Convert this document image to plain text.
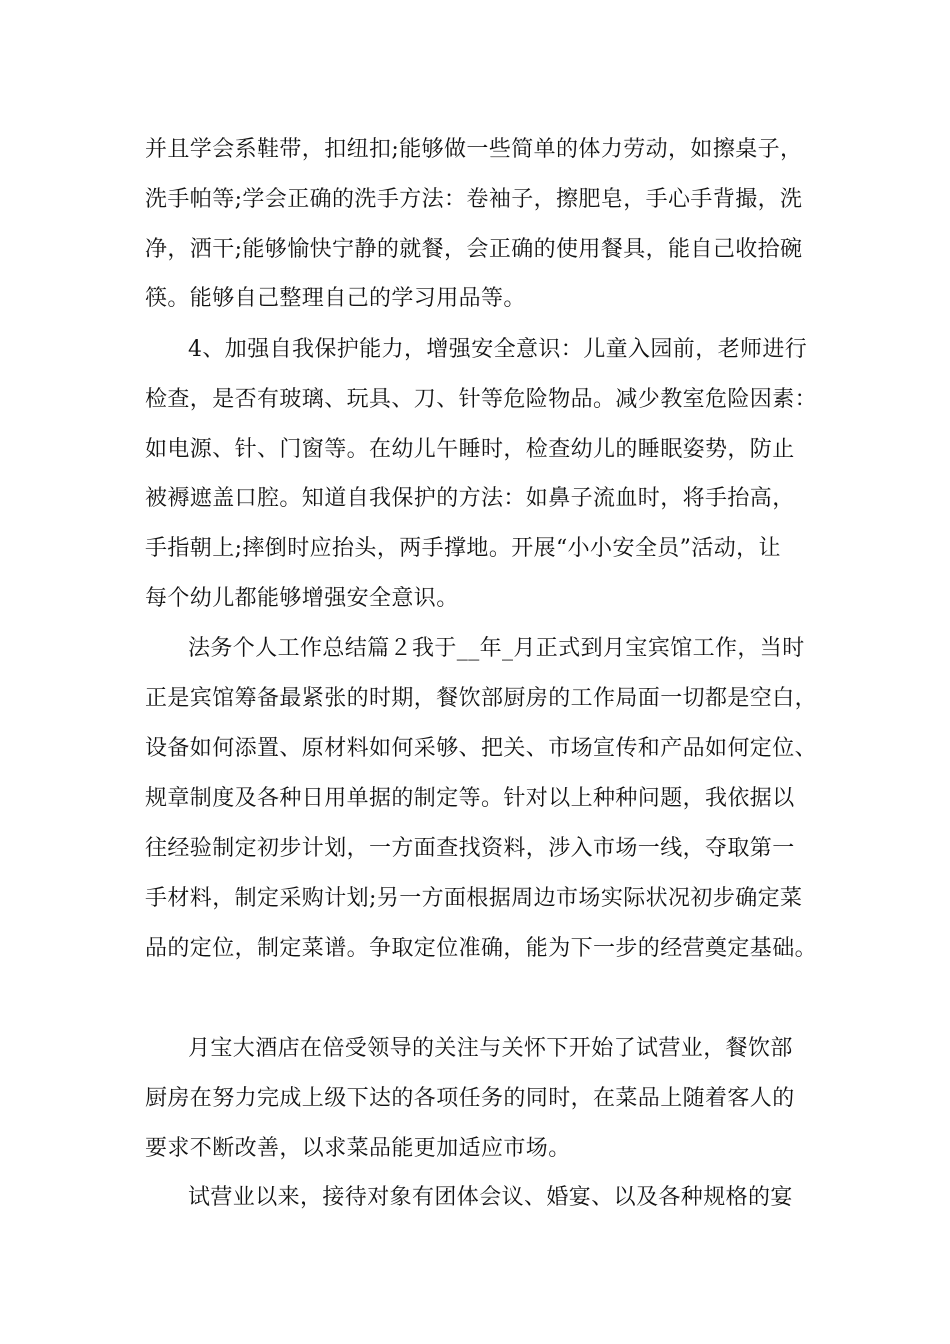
并且学会系鞋带，扣纽扣;能够做一些简单的体力劳动，如擦桌子，
洗手帕等;学会正确的洗手方法：卷袖子，擦肥皂，手心手背撮，洗
净，洒干;能够愉快宁静的就餐，会正确的使用餐具，能自己收拾碗
筷。能够自己整理自己的学习用品等。
4、加强自我保护能力，增强安全意识：儿童入园前，老师进行
检查，是否有玻璃、玩具、刀、针等危险物品。减少教室危险因素：
如电源、针、门窗等。在幼儿午睡时，检查幼儿的睡眠姿势，防止
被褥遮盖口腔。知道自我保护的方法：如鼻子流血时，将手抬高，
手指朝上;摔倒时应抬头，两手撑地。开展“小小安全员”活动，让
每个幼儿都能够增强安全意识。
法务个人工作总结篇２我于__年_月正式到月宝宾馆工作，当时
正是宾馆筹备最紧张的时期，餐饮部厨房的工作局面一切都是空白，
设备如何添置、原材料如何采够、把关、市场宣传和产品如何定位、
规章制度及各种日用单据的制定等。针对以上种种问题，我依据以
往经验制定初步计划，一方面查找资料，涉入市场一线，夺取第一
手材料，制定采购计划;另一方面根据周边市场实际状况初步确定菜
品的定位，制定菜谱。争取定位准确，能为下一步的经营奠定基础。
月宝大酒店在倍受领导的关注与关怀下开始了试营业，餐饮部
厨房在努力完成上级下达的各项任务的同时，在菜品上随着客人的
要求不断改善，以求菜品能更加适应市场。
试营业以来，接待对象有团体会议、婚宴、以及各种规格的宴
